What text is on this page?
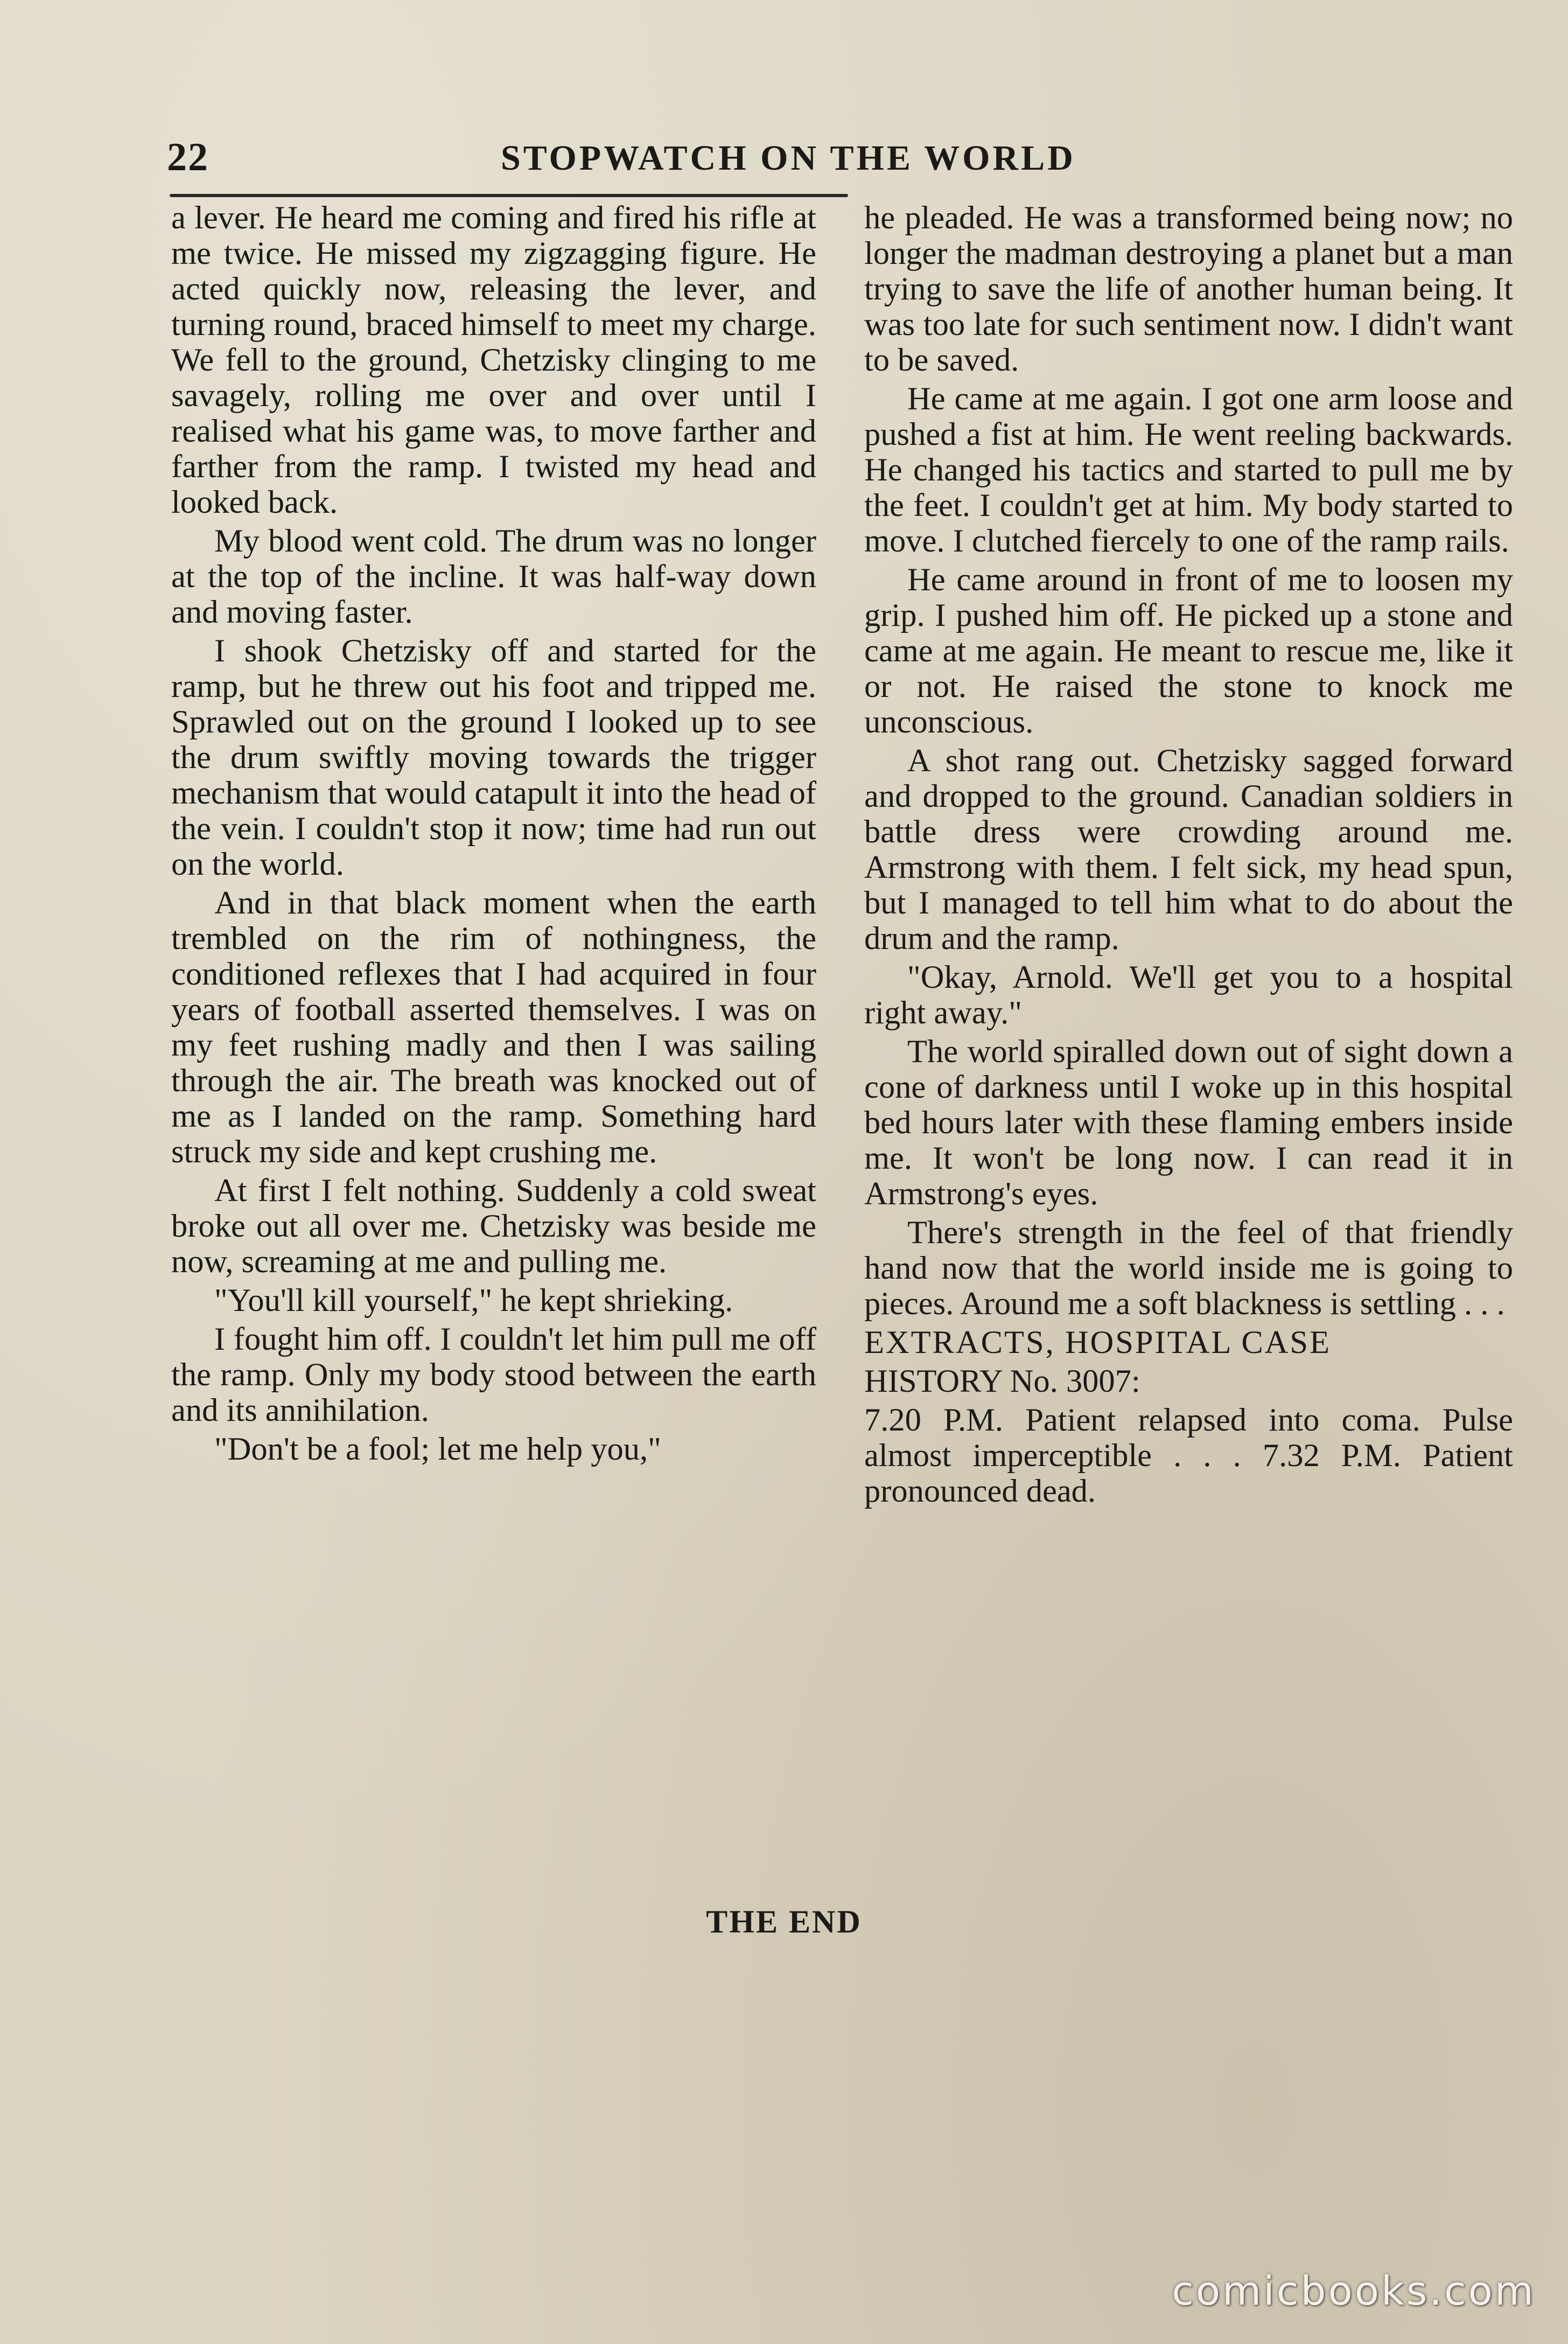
22	STOPWATCH ON THE WORLD

a lever. He heard me coming and fired his rifle at me twice. He missed my zigzagging figure. He acted quickly now, releasing the lever, and turning round, braced himself to meet my charge. We fell to the ground, Chetzisky clinging to me savagely, rolling me over and over until I realised what his game was, to move farther and farther from the ramp. I twisted my head and looked back.

My blood went cold. The drum was no longer at the top of the incline. It was half-way down and moving faster.

I shook Chetzisky off and started for the ramp, but he threw out his foot and tripped me. Sprawled out on the ground I looked up to see the drum swiftly moving towards the trigger mechanism that would catapult it into the head of the vein. I couldn't stop it now; time had run out on the world.

And in that black moment when the earth trembled on the rim of nothingness, the conditioned reflexes that I had acquired in four years of football asserted themselves. I was on my feet rushing madly and then I was sailing through the air. The breath was knocked out of me as I landed on the ramp. Something hard struck my side and kept crushing me.

At first I felt nothing. Suddenly a cold sweat broke out all over me. Chetzisky was beside me now, screaming at me and pulling me.

"You'll kill yourself," he kept shrieking.

I fought him off. I couldn't let him pull me off the ramp. Only my body stood between the earth and its annihilation.

"Don't be a fool; let me help you,"

he pleaded. He was a transformed being now; no longer the madman destroying a planet but a man trying to save the life of another human being. It was too late for such sentiment now. I didn't want to be saved.

He came at me again. I got one arm loose and pushed a fist at him. He went reeling backwards. He changed his tactics and started to pull me by the feet. I couldn't get at him. My body started to move. I clutched fiercely to one of the ramp rails.

He came around in front of me to loosen my grip. I pushed him off. He picked up a stone and came at me again. He meant to rescue me, like it or not. He raised the stone to knock me unconscious.

A shot rang out. Chetzisky sagged forward and dropped to the ground. Canadian soldiers in battle dress were crowding around me. Armstrong with them. I felt sick, my head spun, but I managed to tell him what to do about the drum and the ramp.

"Okay, Arnold. We'll get you to a hospital right away."

The world spiralled down out of sight down a cone of darkness until I woke up in this hospital bed hours later with these flaming embers inside me. It won't be long now. I can read it in Armstrong's eyes.

There's strength in the feel of that friendly hand now that the world inside me is going to pieces. Around me a soft blackness is settling . . .

EXTRACTS, HOSPITAL CASE

HISTORY No. 3007:

7.20 P.M. Patient relapsed into coma. Pulse almost imperceptible . . . 7.32 P.M. Patient pronounced dead.

THE END
comicbooks.com
